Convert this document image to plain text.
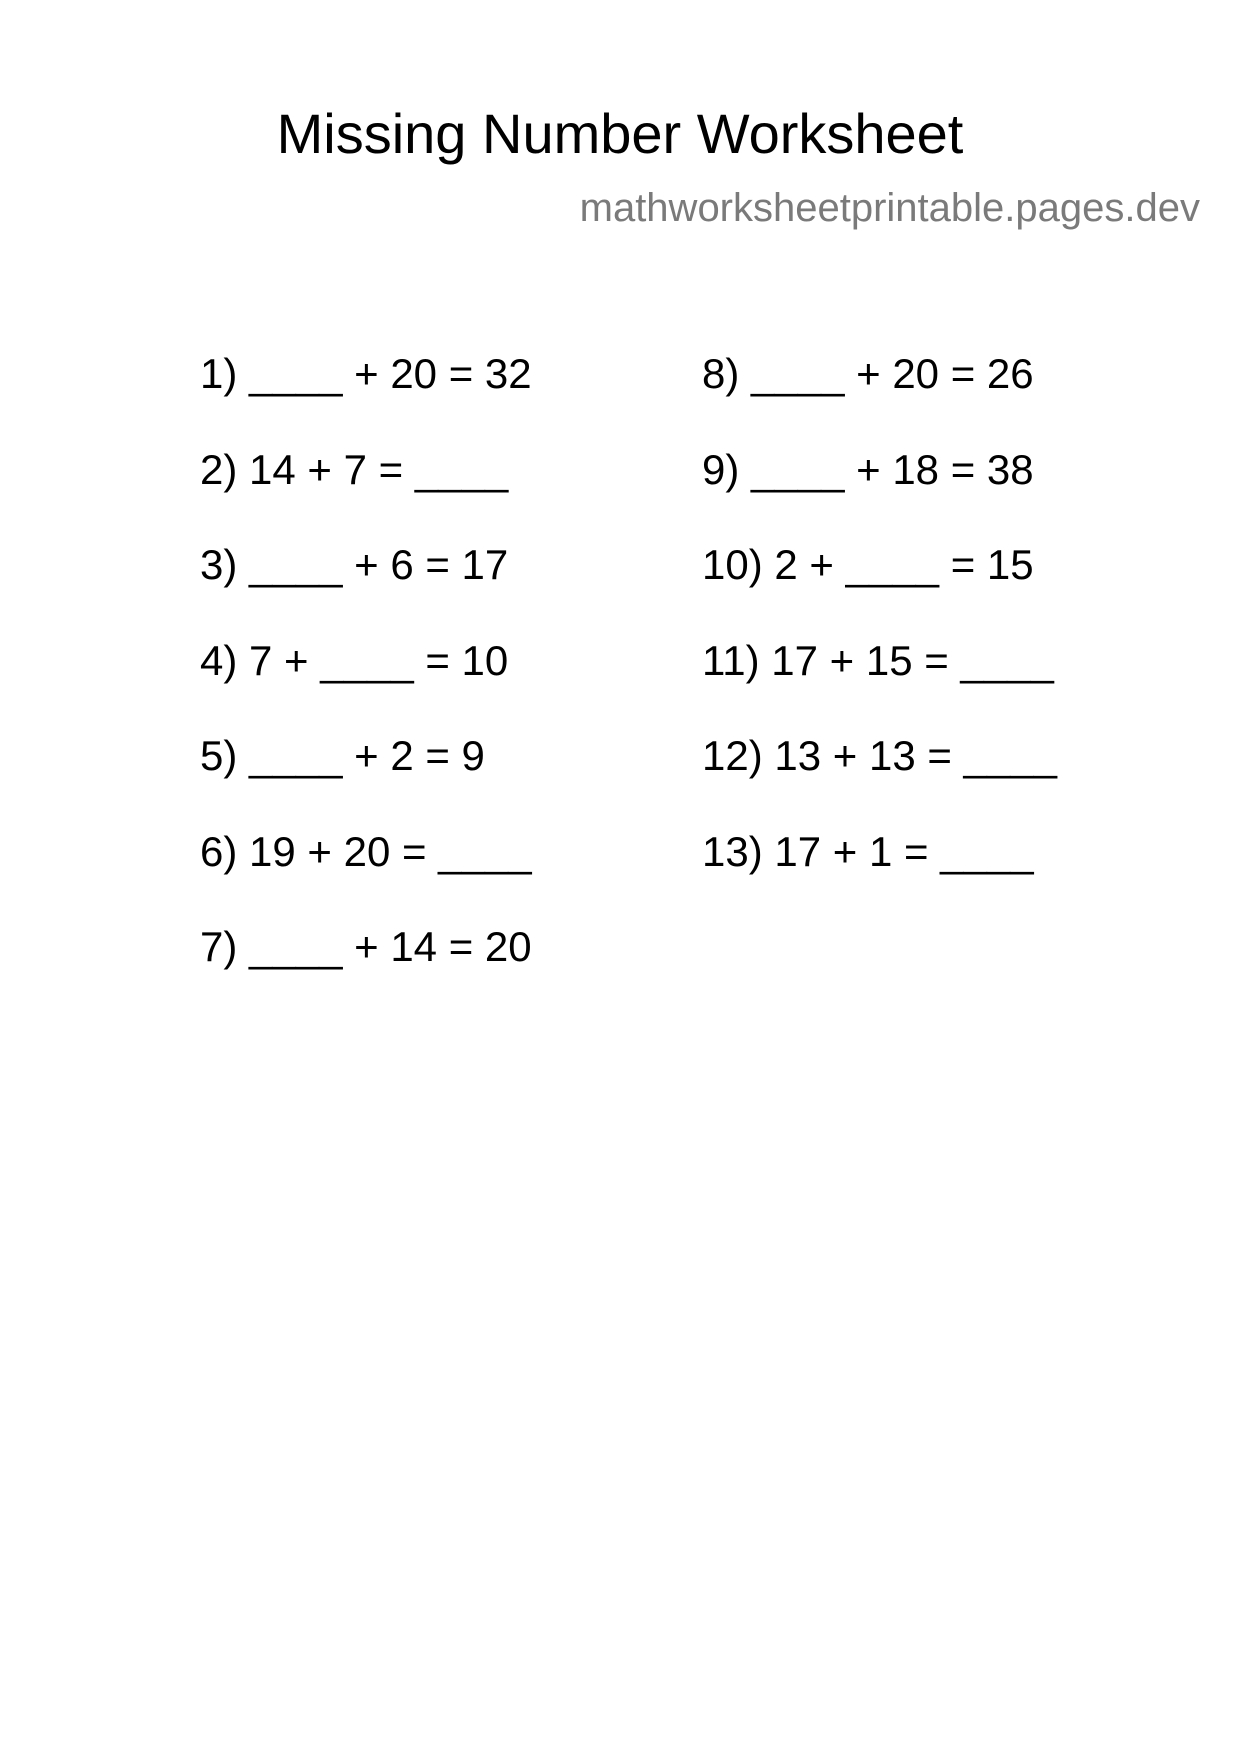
Missing Number Worksheet
mathworksheetprintable.pages.dev
1) ____ + 20 = 32
2) 14 + 7 = ____
3) ____ + 6 = 17
4) 7 + ____ = 10
5) ____ + 2 = 9
6) 19 + 20 = ____
7) ____ + 14 = 20
8) ____ + 20 = 26
9) ____ + 18 = 38
10) 2 + ____ = 15
11) 17 + 15 = ____
12) 13 + 13 = ____
13) 17 + 1 = ____
